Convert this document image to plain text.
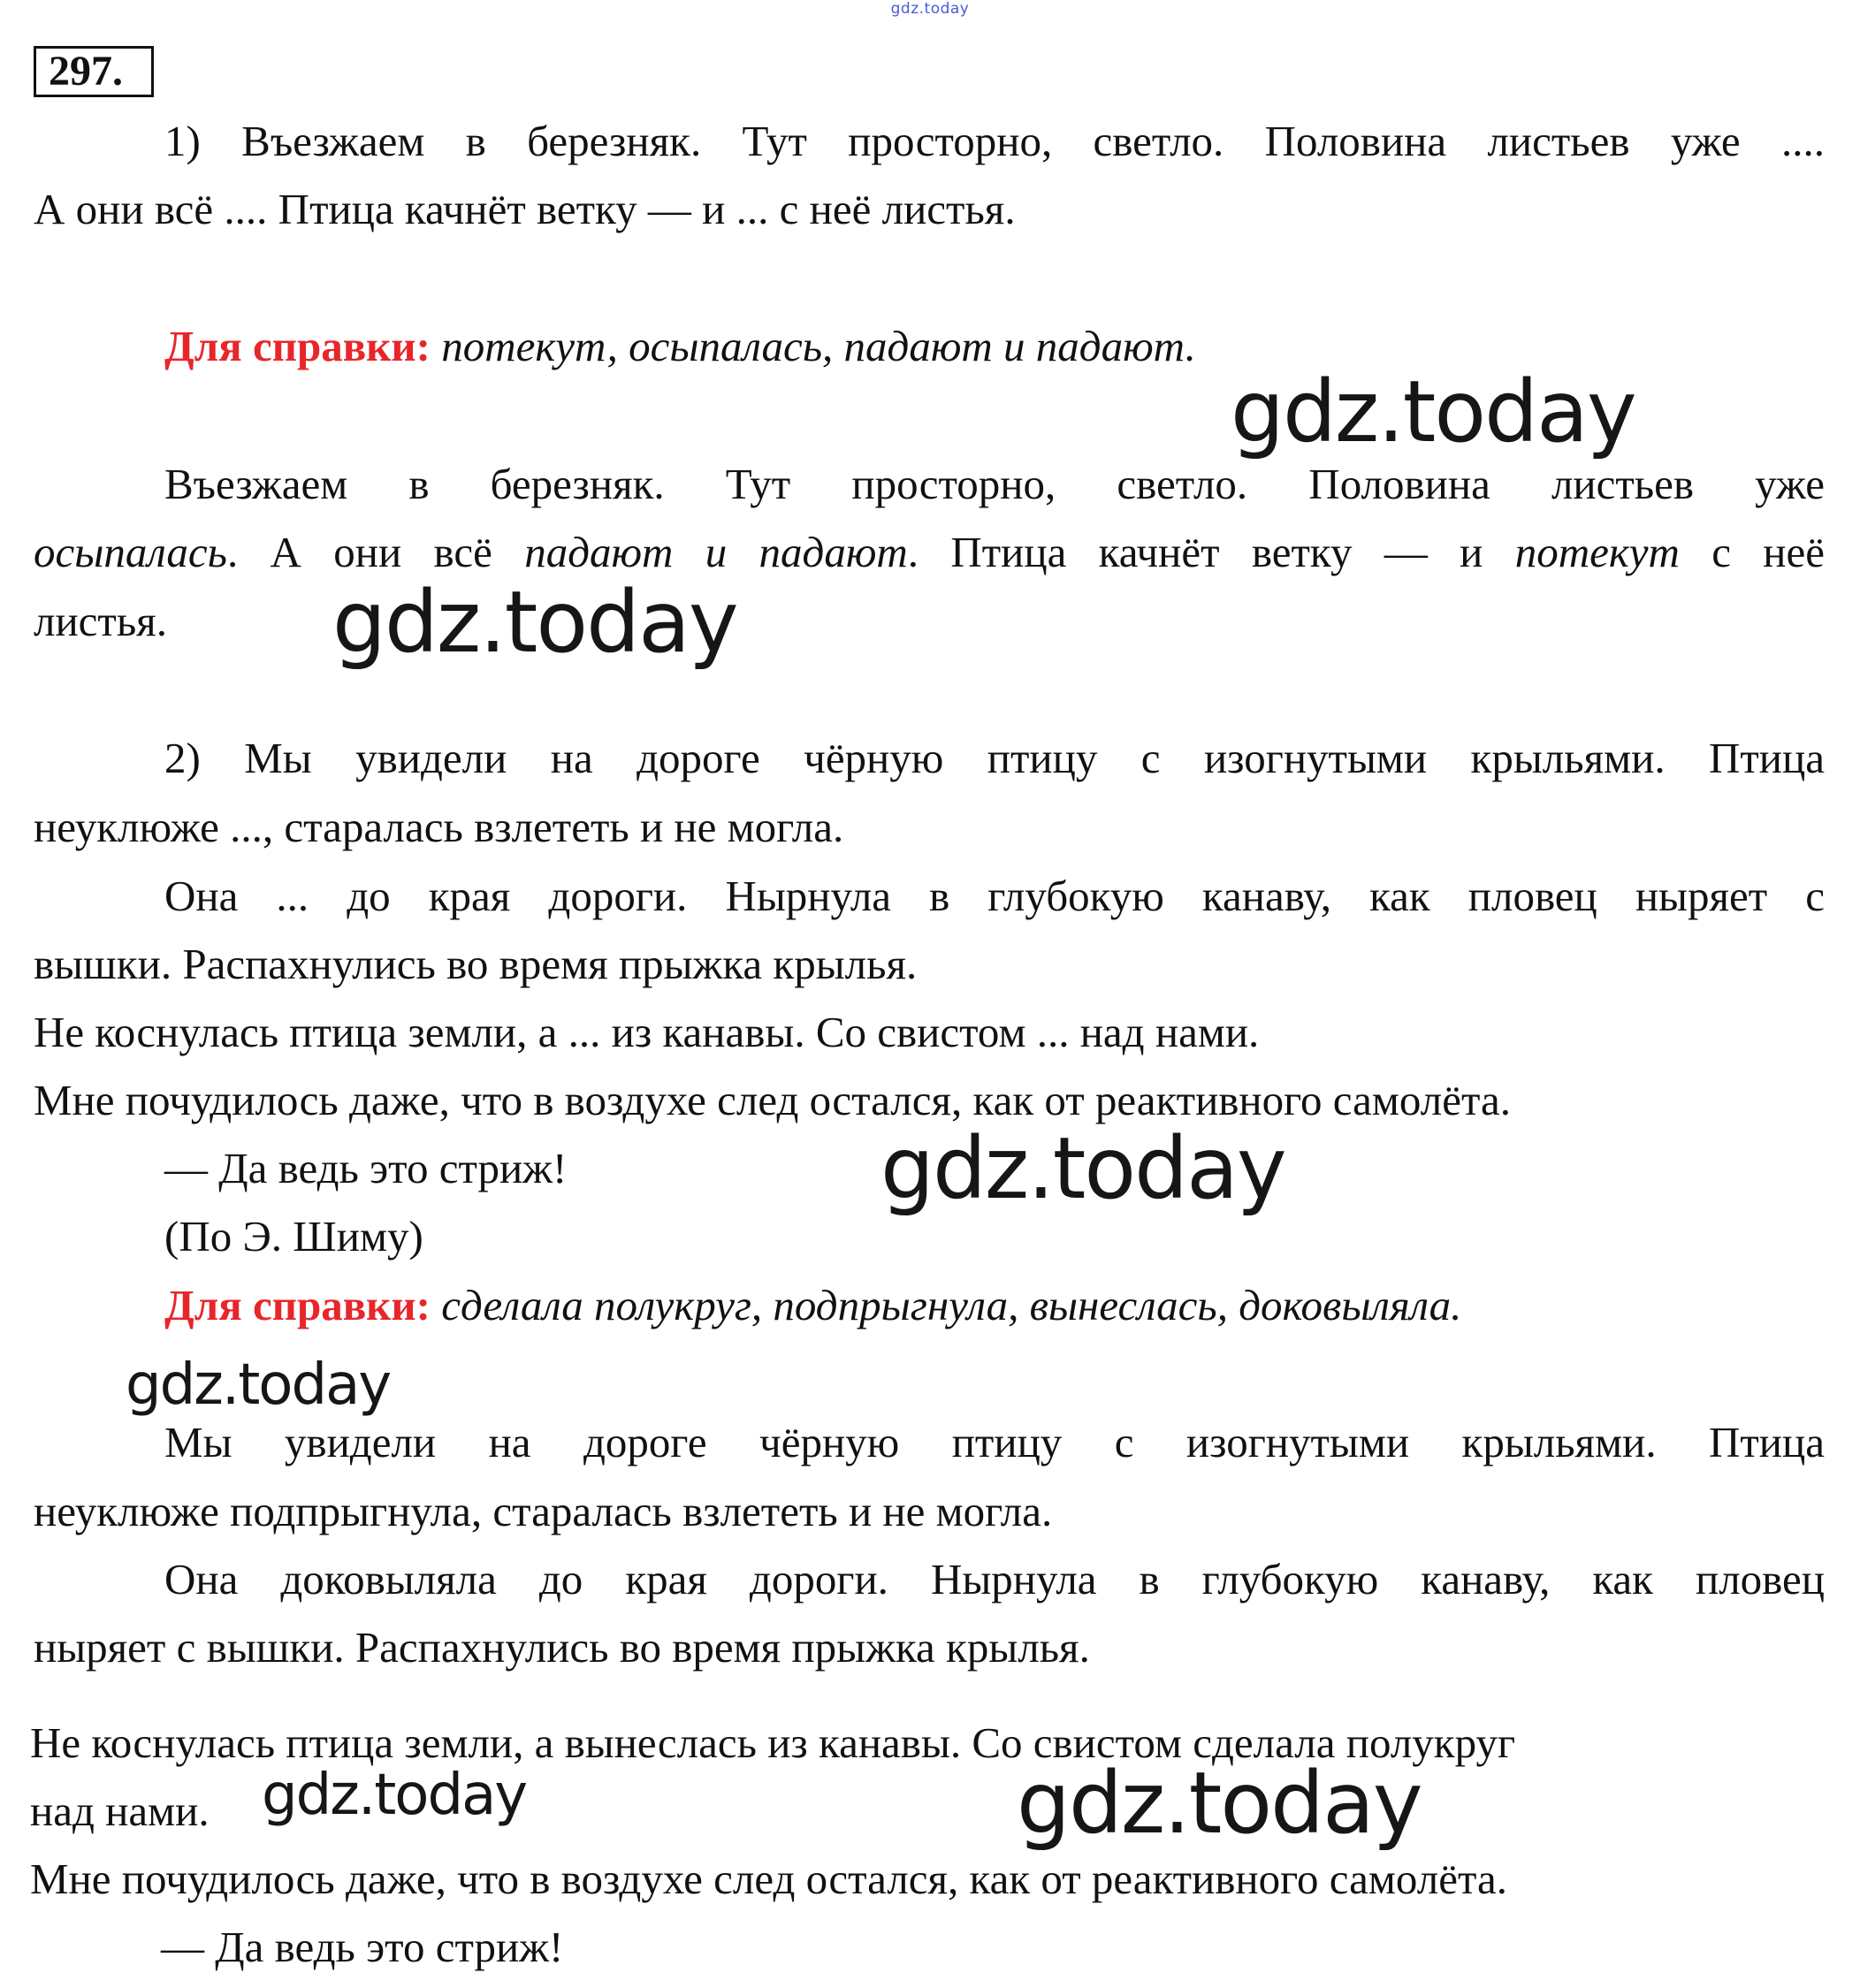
gdz.today
297.
1) Въезжаем в березняк. Тут просторно, светло. Половина листьев уже ....
А они всё .... Птица качнёт ветку — и ... с неё листья.
Для справки: потекут, осыпалась, падают и падают.
Въезжаем в березняк. Тут просторно, светло. Половина листьев уже
осыпалась. А они всё падают и падают. Птица качнёт ветку — и потекут с неё
листья.
2) Мы увидели на дороге чёрную птицу с изогнутыми крыльями. Птица
неуклюже ..., старалась взлететь и не могла.
Она ... до края дороги. Нырнула в глубокую канаву, как пловец ныряет с
вышки. Распахнулись во время прыжка крылья.
Не коснулась птица земли, а ... из канавы. Со свистом ... над нами.
Мне почудилось даже, что в воздухе след остался, как от реактивного самолёта.
— Да ведь это стриж!
(По Э. Шиму)
Для справки: сделала полукруг, подпрыгнула, вынеслась, доковыляла.
Мы увидели на дороге чёрную птицу с изогнутыми крыльями. Птица
неуклюже подпрыгнула, старалась взлететь и не могла.
Она доковыляла до края дороги. Нырнула в глубокую канаву, как пловец
ныряет с вышки. Распахнулись во время прыжка крылья.
Не коснулась птица земли, а вынеслась из канавы. Со свистом сделала полукруг
над нами.
Мне почудилось даже, что в воздухе след остался, как от реактивного самолёта.
— Да ведь это стриж!
gdz.today
gdz.today
gdz.today
gdz.today
gdz.today	gdz.today
